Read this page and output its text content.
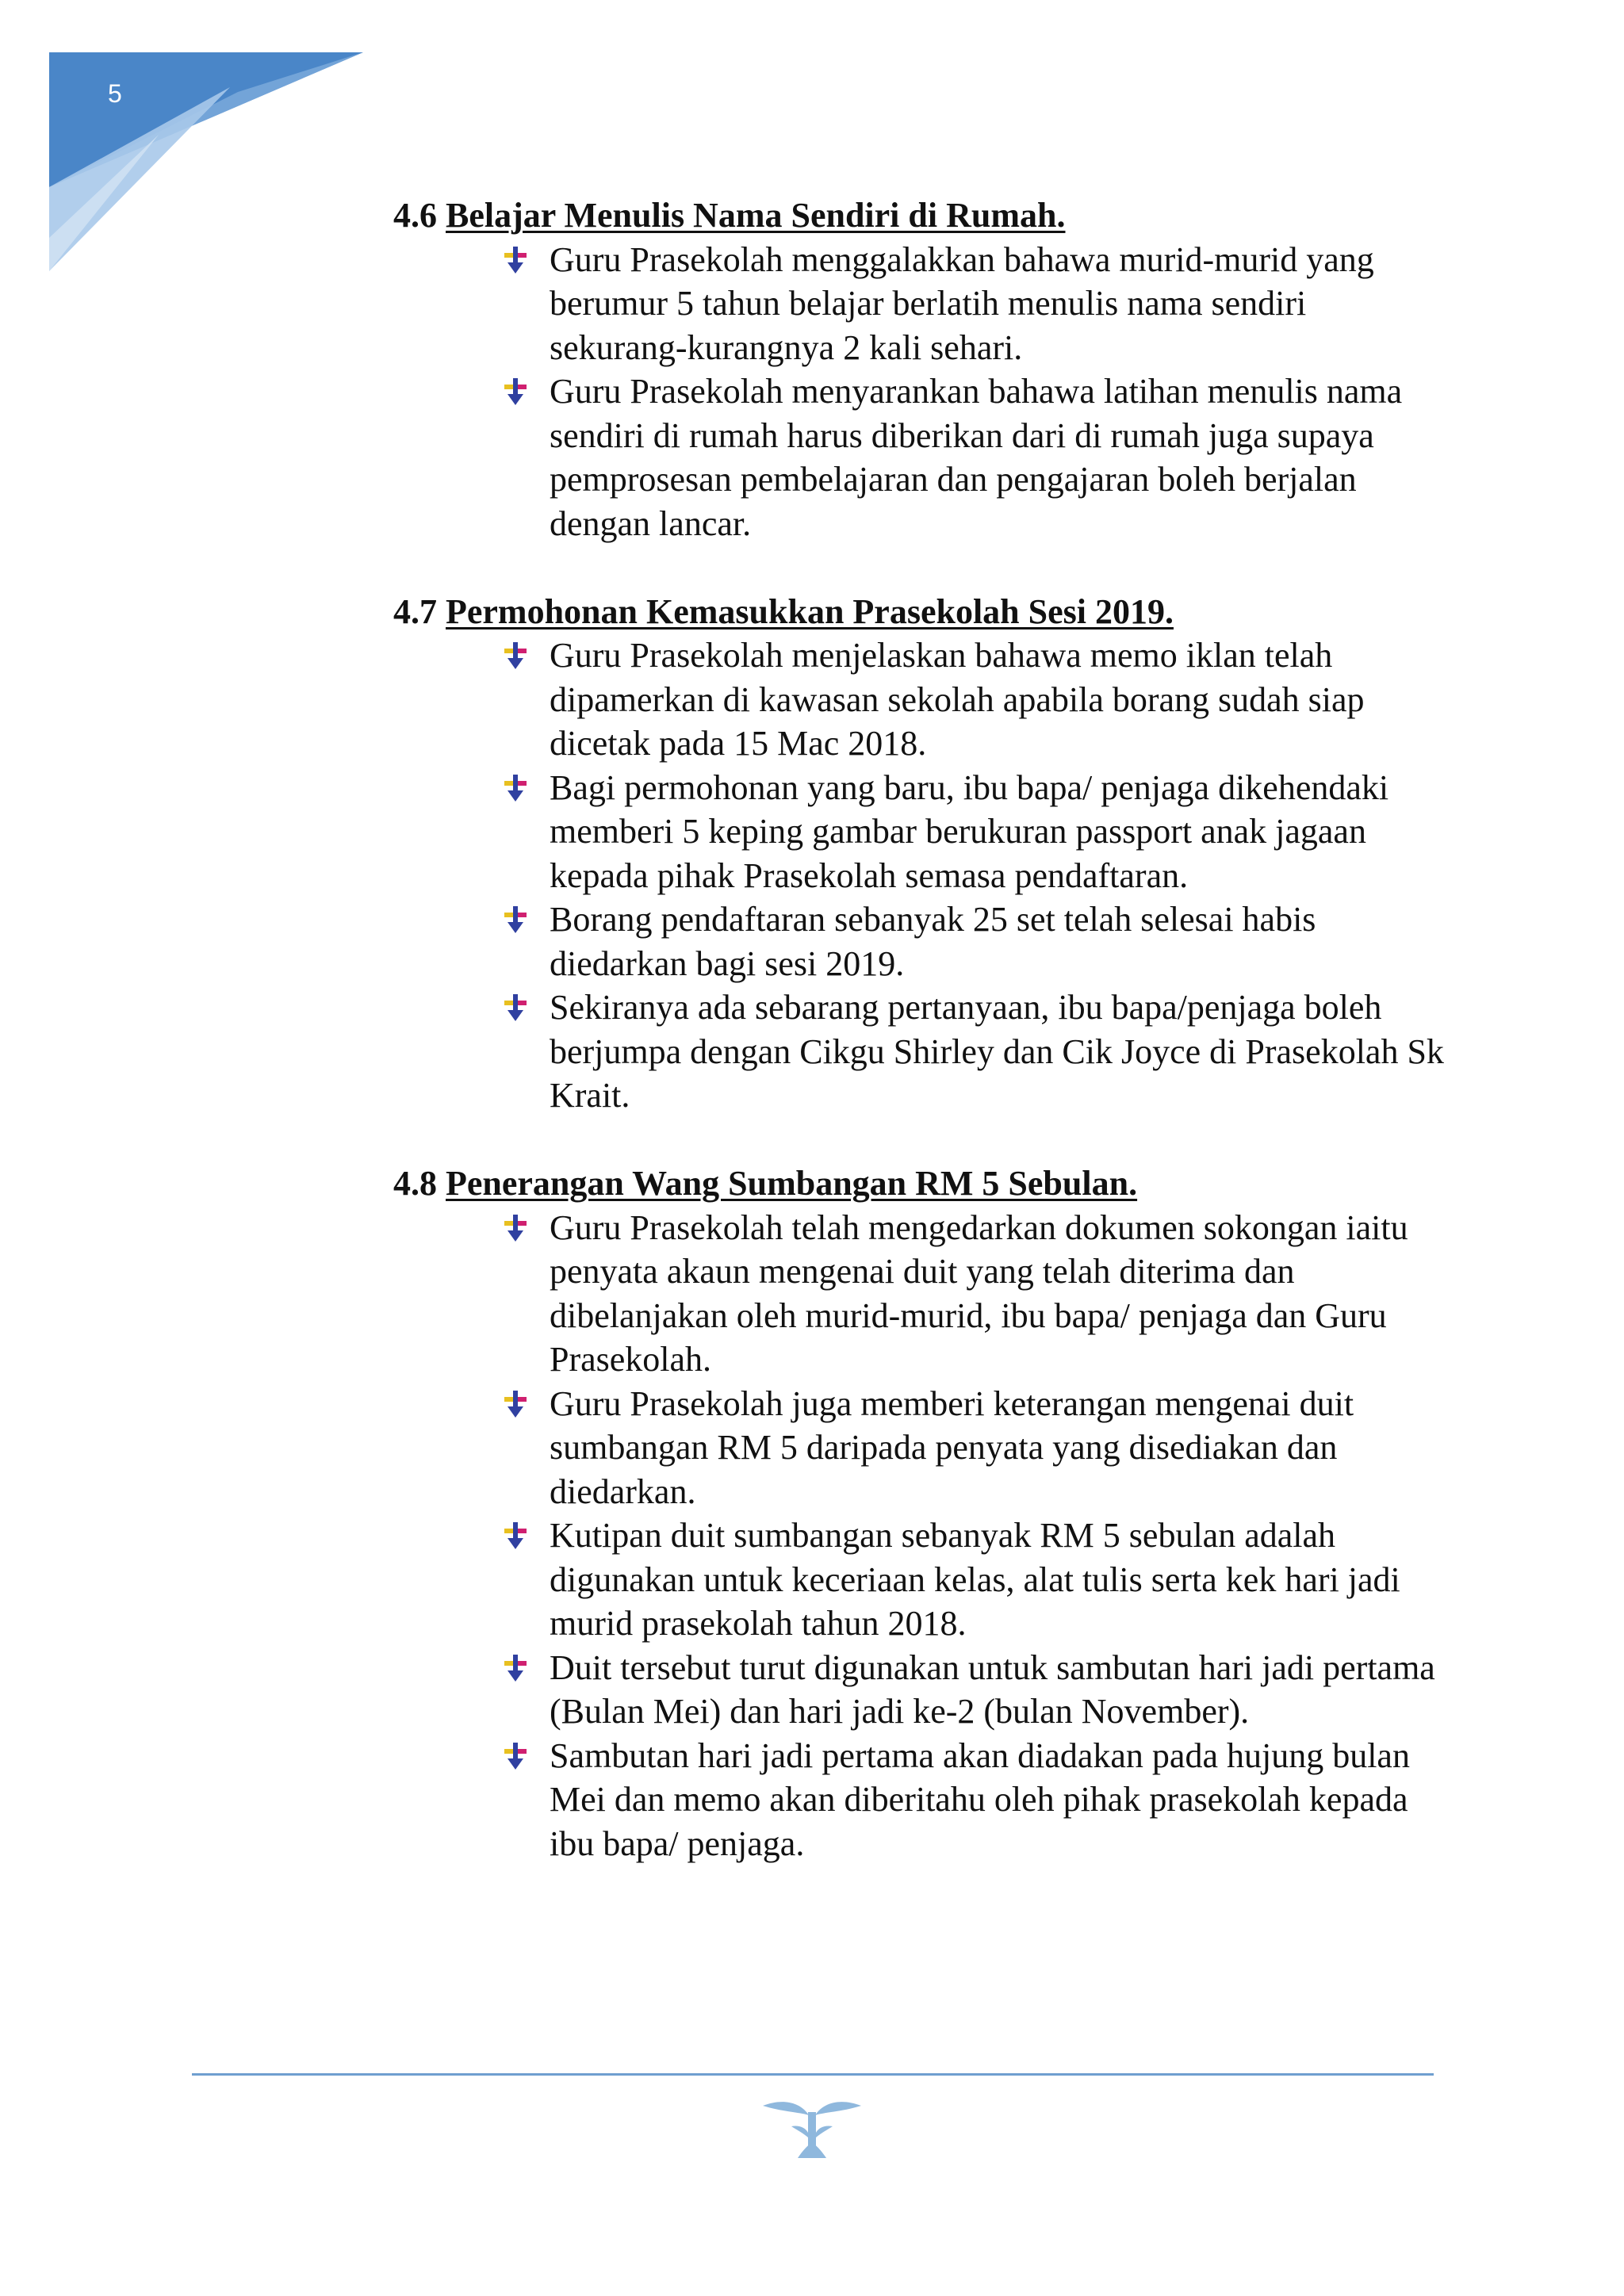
5
4.6 Belajar Menulis Nama Sendiri di Rumah.
Guru Prasekolah menggalakkan bahawa murid-murid yang berumur 5 tahun belajar berlatih menulis nama sendiri sekurang-kurangnya 2 kali sehari.
Guru Prasekolah menyarankan bahawa latihan menulis nama sendiri di rumah harus diberikan dari di rumah juga supaya pemprosesan pembelajaran dan pengajaran boleh berjalan dengan lancar.
4.7 Permohonan Kemasukkan Prasekolah Sesi 2019.
Guru Prasekolah menjelaskan bahawa memo iklan telah dipamerkan di kawasan sekolah apabila borang sudah siap dicetak pada 15 Mac 2018.
Bagi permohonan yang baru, ibu bapa/ penjaga dikehendaki memberi 5 keping gambar berukuran passport anak jagaan kepada pihak Prasekolah semasa pendaftaran.
Borang pendaftaran sebanyak 25 set telah selesai habis diedarkan bagi sesi 2019.
Sekiranya ada sebarang pertanyaan, ibu bapa/penjaga boleh berjumpa dengan Cikgu Shirley dan Cik Joyce di Prasekolah Sk Krait.
4.8 Penerangan Wang Sumbangan RM 5 Sebulan.
Guru Prasekolah telah mengedarkan dokumen sokongan iaitu penyata akaun mengenai duit yang telah diterima dan dibelanjakan oleh murid-murid, ibu bapa/ penjaga dan Guru Prasekolah.
Guru Prasekolah juga memberi keterangan mengenai duit sumbangan RM 5 daripada penyata yang disediakan dan diedarkan.
Kutipan duit sumbangan sebanyak RM 5 sebulan adalah digunakan untuk keceriaan kelas, alat tulis serta kek hari jadi murid prasekolah tahun 2018.
Duit tersebut turut digunakan untuk sambutan hari jadi pertama (Bulan Mei) dan hari jadi ke-2 (bulan November).
Sambutan hari jadi pertama akan diadakan pada hujung bulan Mei dan memo akan diberitahu oleh pihak prasekolah kepada ibu bapa/ penjaga.
